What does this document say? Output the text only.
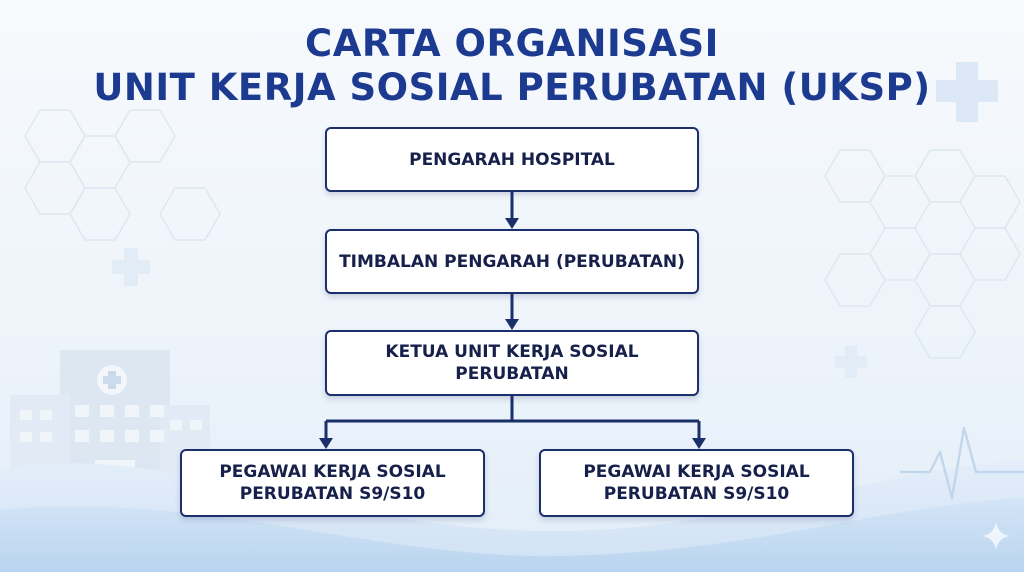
CARTA ORGANISASI
UNIT KERJA SOSIAL PERUBATAN (UKSP)
PENGARAH HOSPITAL
TIMBALAN PENGARAH (PERUBATAN)
KETUA UNIT KERJA SOSIAL PERUBATAN
PEGAWAI KERJA SOSIAL PERUBATAN S9/S10
PEGAWAI KERJA SOSIAL PERUBATAN S9/S10
